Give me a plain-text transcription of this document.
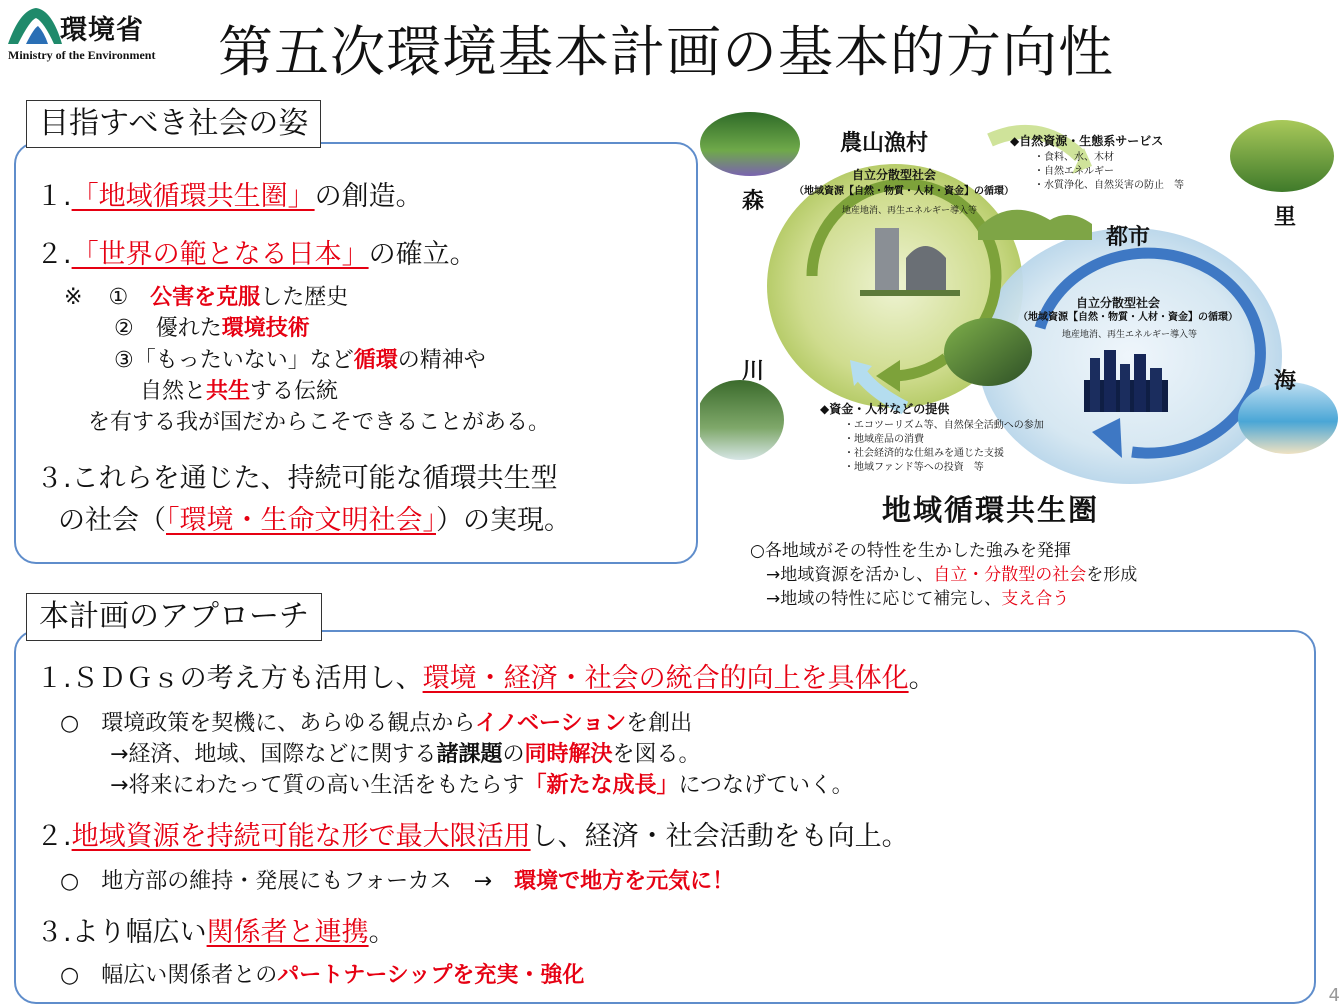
環境省
Ministry of the Environment 第五次環境基本計画の基本的方向性
目指すべき社会の姿
１.「地域循環共生圏」の創造。
２.「世界の範となる日本」の確立。
※ ① 公害を克服した歴史
② 優れた環境技術
③「もったいない」など循環の精神や
自然と共生する伝統
を有する我が国だからこそできることがある。
３.これらを通じた、持続可能な循環共生型
の社会（「環境・生命文明社会」）の実現。
農山漁村
都市
森
里
川	海
自立分散型社会
（地域資源【自然・物質・人材・資金】の循環）
地産地消、再生エネルギー導入等
自立分散型社会
（地域資源【自然・物質・人材・資金】の循環）
地産地消、再生エネルギー導入等
◆自然資源・生態系サービス
・食料、水、木材
・自然エネルギー
・水質浄化、自然災害の防止　等
◆資金・人材などの提供
・エコツーリズム等、自然保全活動への参加
・地域産品の消費
・社会経済的な仕組みを通じた支援
・地域ファンド等への投資　等
地域循環共生圏
○各地域がその特性を生かした強みを発揮
→地域資源を活かし、自立・分散型の社会を形成
→地域の特性に応じて補完し、支え合う
本計画のアプローチ
１.ＳＤＧｓの考え方も活用し、環境・経済・社会の統合的向上を具体化。
○　環境政策を契機に、あらゆる観点からイノベーションを創出
→経済、地域、国際などに関する諸課題の同時解決を図る。
→将来にわたって質の高い生活をもたらす「新たな成長」につなげていく。
２.地域資源を持続可能な形で最大限活用し、経済・社会活動をも向上。
○　地方部の維持・発展にもフォーカス　→　環境で地方を元気に！
３.より幅広い関係者と連携。
○　幅広い関係者とのパートナーシップを充実・強化
4
